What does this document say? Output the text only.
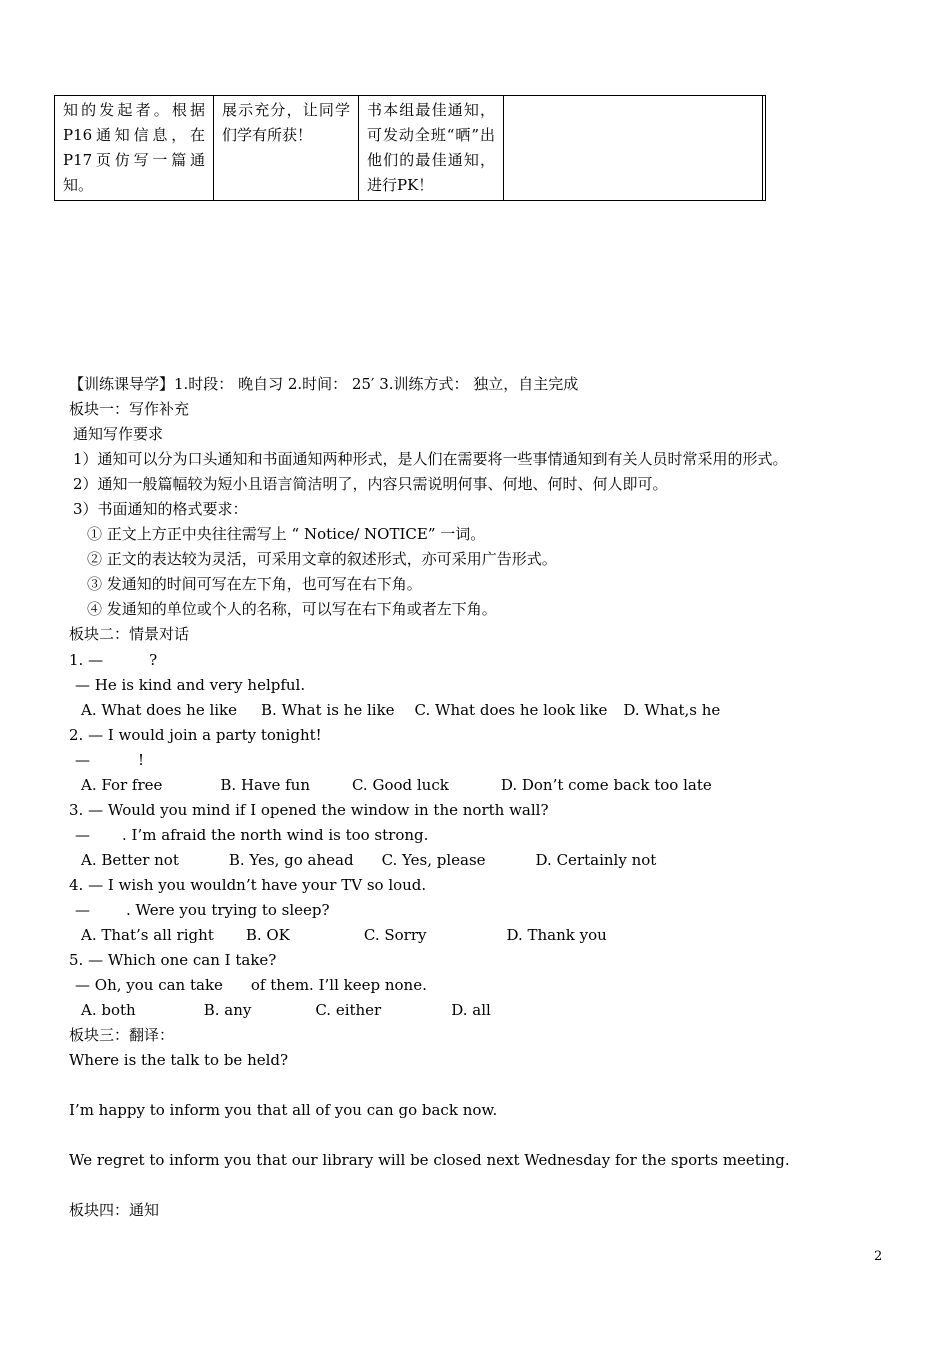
知的发起者。根据P16通知信息，在P17页仿写一篇通知。	展示充分，让同学们学有所获！	书本组最佳通知，可发动全班“晒”出他们的最佳通知，进行PK！		
【训练课导学】1.时段： 晚自习 2.时间： 25′ 3.训练方式： 独立，自主完成
板块一：写作补充
通知写作要求
1）通知可以分为口头通知和书面通知两种形式，是人们在需要将一些事情通知到有关人员时常采用的形式。
2）通知一般篇幅较为短小且语言简洁明了，内容只需说明何事、何地、何时、何人即可。
3）书面通知的格式要求：
① 正文上方正中央往往需写上 “ Notice/ NOTICE” 一词。
② 正文的表达较为灵活，可采用文章的叙述形式，亦可采用广告形式。
③ 发通知的时间可写在左下角，也可写在右下角。
④ 发通知的单位或个人的名称，可以写在右下角或者左下角。
板块二：情景对话
1. —	?
— He is kind and very helpful.
A. What does he like B. What is he like C. What does he look like D. What,s he
2. — I would join a party tonight!
—	!
A. For free	B. Have fun	C. Good luck	D. Don’t come back too late
3. — Would you mind if I opened the window in the north wall?
— . I’m afraid the north wind is too strong.
A. Better not	B. Yes, go ahead C. Yes, please	D. Certainly not
4. — I wish you wouldn’t have your TV so loud.
— . Were you trying to sleep?
A. That’s all right B. OK	C. Sorry	D. Thank you
5. — Which one can I take?
— Oh, you can take of them. I’ll keep none.
A. both	B. any	C. either	D. all
板块三：翻译：
Where is the talk to be held?
I’m happy to inform you that all of you can go back now.
We regret to inform you that our library will be closed next Wednesday for the sports meeting.
板块四：通知
2
